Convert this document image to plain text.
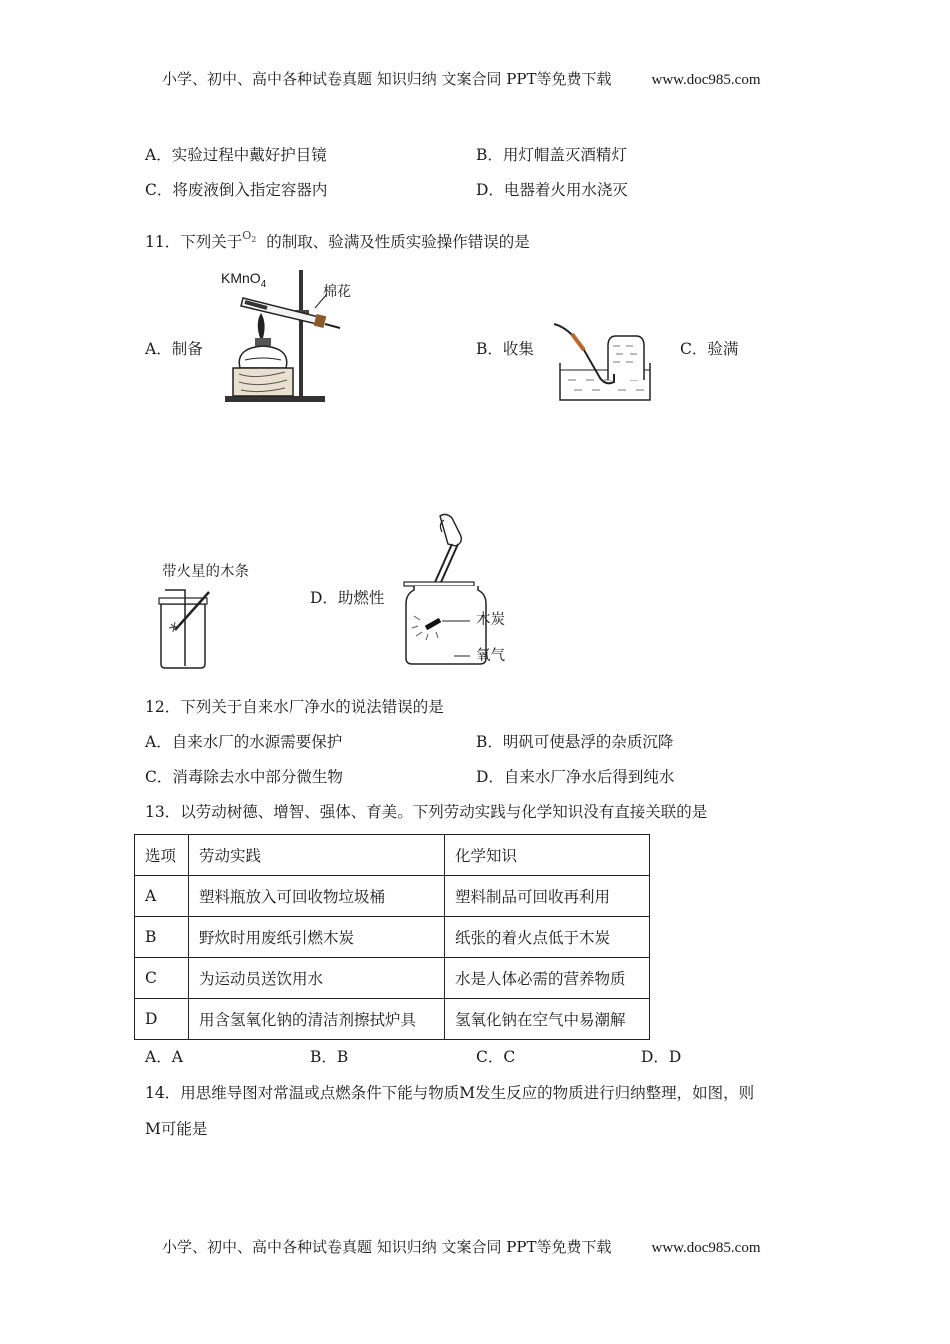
小学、初中、高中各种试卷真题 知识归纳 文案合同 PPT等免费下载	www.doc985.com
A．实验过程中戴好护目镜	B．用灯帽盖灭酒精灯
C．将废液倒入指定容器内	D．电器着火用水浇灭
11．下列关于$O_2$ 的制取、验满及性质实验操作错误的是
A．制备	B．收集	C．验满
D．助燃性
KMnO$_4$	棉花
带火星的木条
木炭
氧气
12．下列关于自来水厂净水的说法错误的是
A．自来水厂的水源需要保护	B．明矾可使悬浮的杂质沉降
C．消毒除去水中部分微生物	D．自来水厂净水后得到纯水
13．以劳动树德、增智、强体、育美。下列劳动实践与化学知识没有直接关联的是
选项	劳动实践	化学知识
A	塑料瓶放入可回收物垃圾桶	塑料制品可回收再利用
B	野炊时用废纸引燃木炭	纸张的着火点低于木炭
C	为运动员送饮用水	水是人体必需的营养物质
D	用含氢氧化钠的清洁剂擦拭炉具	氢氧化钠在空气中易潮解
A．A	B．B	C．C	D．D
14．用思维导图对常温或点燃条件下能与物质M发生反应的物质进行归纳整理，如图，则
M可能是
小学、初中、高中各种试卷真题 知识归纳 文案合同 PPT等免费下载	www.doc985.com
